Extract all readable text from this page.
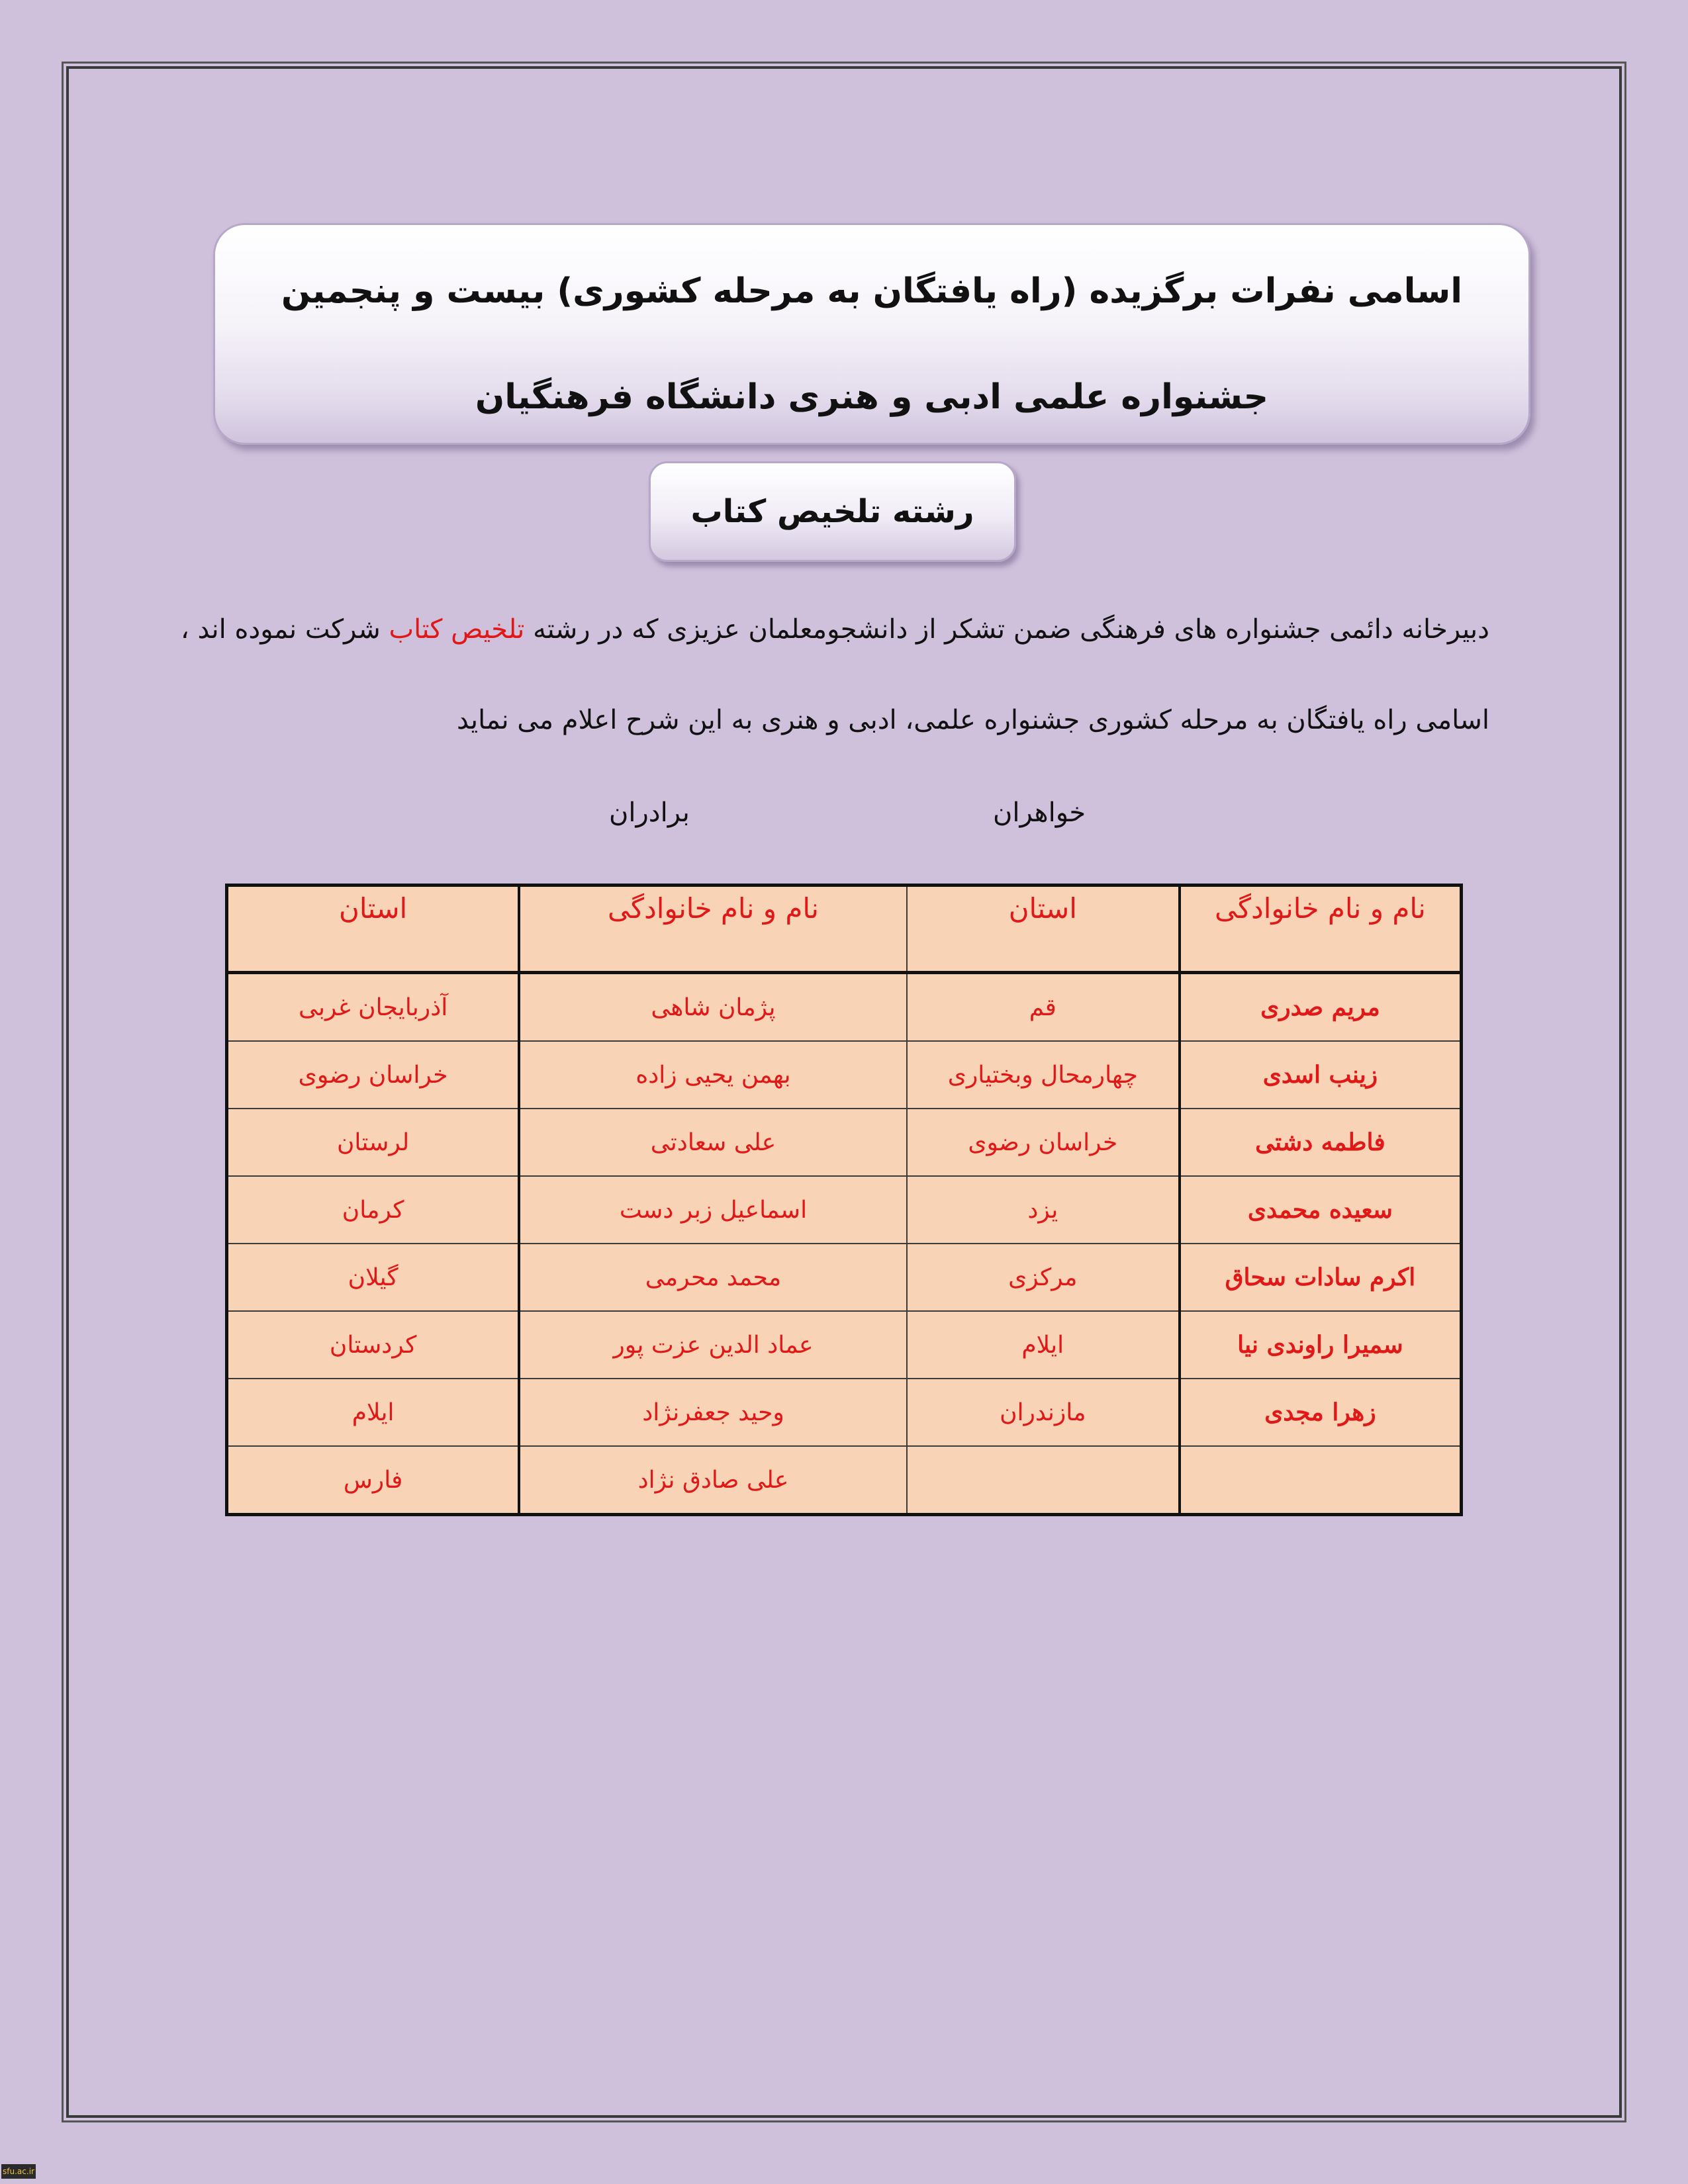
اسامی نفرات برگزیده (راه یافتگان به مرحله کشوری) بیست و پنجمین
جشنواره علمی ادبی و هنری دانشگاه فرهنگیان
رشته تلخیص کتاب
دبیرخانه دائمی جشنواره های فرهنگی ضمن تشکر از دانشجومعلمان عزیزی که در رشته تلخیص کتاب شرکت نموده اند ،
اسامی راه یافتگان به مرحله کشوری جشنواره علمی، ادبی و هنری به این شرح اعلام می نماید
خواهران
برادران
استان	نام و نام خانوادگی	استان	نام و نام خانوادگی
آذربایجان غربی	پژمان شاهی	قم	مریم صدری
خراسان رضوی	بهمن یحیی زاده	چهارمحال وبختیاری	زینب اسدی
لرستان	علی سعادتی	خراسان رضوی	فاطمه دشتی
کرمان	اسماعیل زبر دست	یزد	سعیده محمدی
گیلان	محمد محرمی	مرکزی	اکرم سادات سحاق
کردستان	عماد الدین عزت پور	ایلام	سمیرا راوندی نیا
ایلام	وحید جعفرنژاد	مازندران	زهرا مجدی
فارس	علی صادق نژاد		
sfu.ac.ir
